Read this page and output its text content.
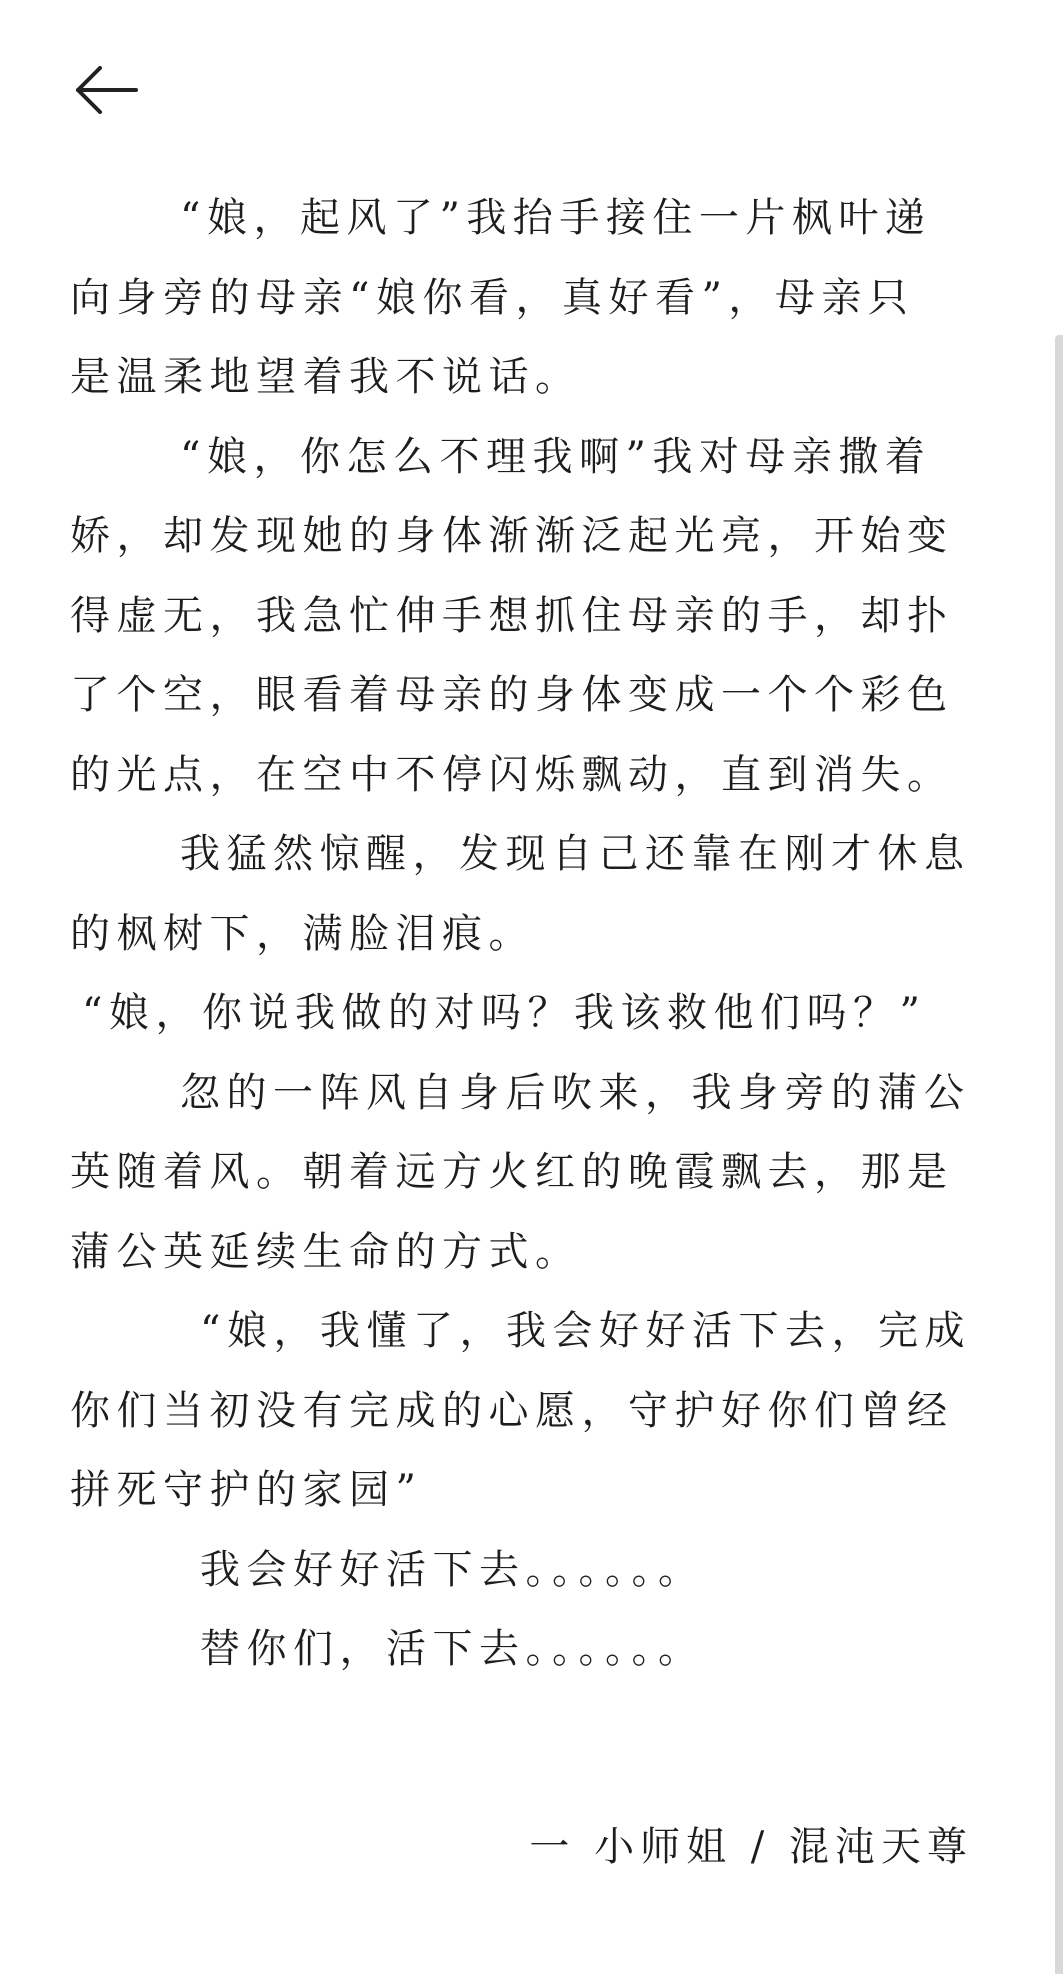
“娘，起风了”我抬手接住一片枫叶递
向身旁的母亲“娘你看，真好看”，母亲只
是温柔地望着我不说话。
“娘，你怎么不理我啊”我对母亲撒着
娇，却发现她的身体渐渐泛起光亮，开始变
得虚无，我急忙伸手想抓住母亲的手，却扑
了个空，眼看着母亲的身体变成一个个彩色
的光点，在空中不停闪烁飘动，直到消失。
我猛然惊醒，发现自己还靠在刚才休息
的枫树下，满脸泪痕。
“娘，你说我做的对吗？我该救他们吗？”
忽的一阵风自身后吹来，我身旁的蒲公
英随着风。朝着远方火红的晚霞飘去，那是
蒲公英延续生命的方式。
“娘，我懂了，我会好好活下去，完成
你们当初没有完成的心愿，守护好你们曾经
拼死守护的家园”
我会好好活下去。。。。。。
替你们，活下去。。。。。。
一 小师姐 / 混沌天尊
